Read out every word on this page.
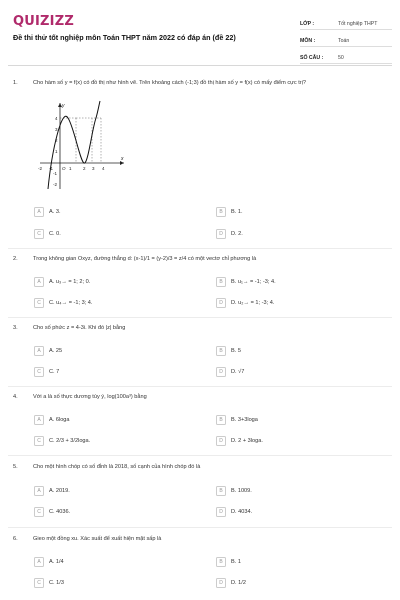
QUIZIZZ
Đề thi thử tốt nghiệp môn Toán THPT năm 2022 có đáp án (đề 22)
LỚP :	Tốt nghiệp THPT
MÔN :	Toán
SỐ CÂU :	50
1.	Cho hàm số y = f(x) có đồ thị như hình vẽ. Trên khoảng cách (-1;3) đồ thị hàm số y = f(x) có mấy điểm cực trị?
y
x
4
3
2
1
-1
-2
-2 -1	1	2 3 4
O
A	A. 3.	B	B. 1.
C	C. 0.	D	D. 2.
2.	Trong không gian Oxyz, đường thẳng d: (x-1)/1 = (y-2)/3 = z/4 có một vectơ chỉ phương là
A	A. u₃→ = 1; 2; 0.	B	B. u₁→ = -1; -3; 4.
C	C. u₄→ = -1; 3; 4.	D	D. u₂→ = 1; -3; 4.
3.	Cho số phức z = 4-3i. Khi đó |z| bằng
A	A. 25	B	B. 5
C	C. 7	D	D. √7
4.	Với a là số thực dương tùy ý, log(100a³) bằng
A	A. 6loga	B	B. 3+3loga
C	C. 2/3 + 3/2loga.	D	D. 2 + 3loga.
5.	Cho một hình chóp có số đỉnh là 2018, số cạnh của hình chóp đó là
A	A. 2019.	B	B. 1009.
C	C. 4036.	D	D. 4034.
6.	Gieo một đồng xu. Xác suất để xuất hiện mặt sấp là
A	A. 1/4	B	B. 1
C	C. 1/3	D	D. 1/2
